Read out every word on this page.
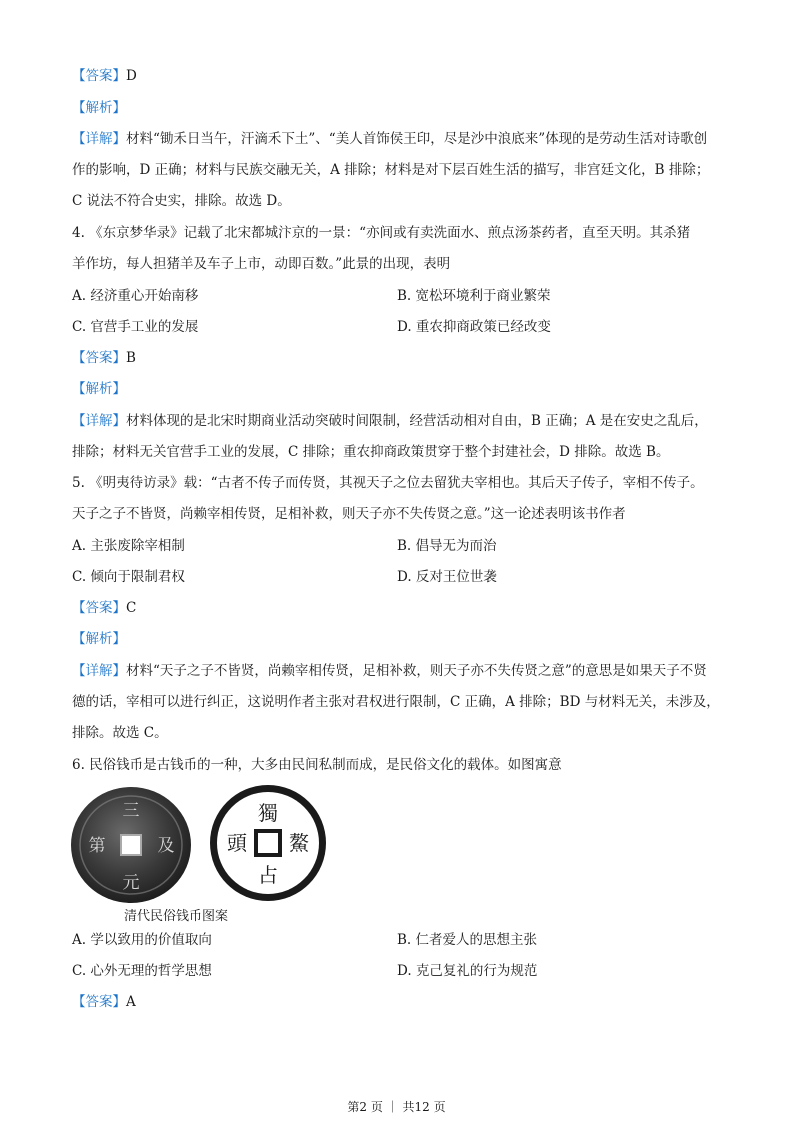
【答案】D
【解析】
【详解】材料“锄禾日当午，汗滴禾下土”、“美人首饰侯王印，尽是沙中浪底来”体现的是劳动生活对诗歌创
作的影响，D 正确；材料与民族交融无关，A 排除；材料是对下层百姓生活的描写，非宫廷文化，B 排除；
C 说法不符合史实，排除。故选 D。
4. 《东京梦华录》记载了北宋都城汴京的一景：“亦间或有卖洗面水、煎点汤茶药者，直至天明。其杀猪
羊作坊，每人担猪羊及车子上市，动即百数。”此景的出现，表明
A. 经济重心开始南移	B. 宽松环境利于商业繁荣
C. 官营手工业的发展	D. 重农抑商政策已经改变
【答案】B
【解析】
【详解】材料体现的是北宋时期商业活动突破时间限制，经营活动相对自由，B 正确；A 是在安史之乱后，
排除；材料无关官营手工业的发展，C 排除；重农抑商政策贯穿于整个封建社会，D 排除。故选 B。
5. 《明夷待访录》载：“古者不传子而传贤，其视天子之位去留犹夫宰相也。其后天子传子，宰相不传子。
天子之子不皆贤，尚赖宰相传贤，足相补救，则天子亦不失传贤之意。”这一论述表明该书作者
A. 主张废除宰相制	B. 倡导无为而治
C. 倾向于限制君权	D. 反对王位世袭
【答案】C
【解析】
【详解】材料“天子之子不皆贤，尚赖宰相传贤，足相补救，则天子亦不失传贤之意”的意思是如果天子不贤
德的话，宰相可以进行纠正，这说明作者主张对君权进行限制，C 正确，A 排除；BD 与材料无关，未涉及，
排除。故选 C。
6. 民俗钱币是古钱币的一种，大多由民间私制而成，是民俗文化的载体。如图寓意
三
元
及
第
獨
占
鰲
頭
清代民俗钱币图案
A. 学以致用的价值取向	B. 仁者爱人的思想主张
C. 心外无理的哲学思想	D. 克己复礼的行为规范
【答案】A
第2 页 ｜ 共12 页
